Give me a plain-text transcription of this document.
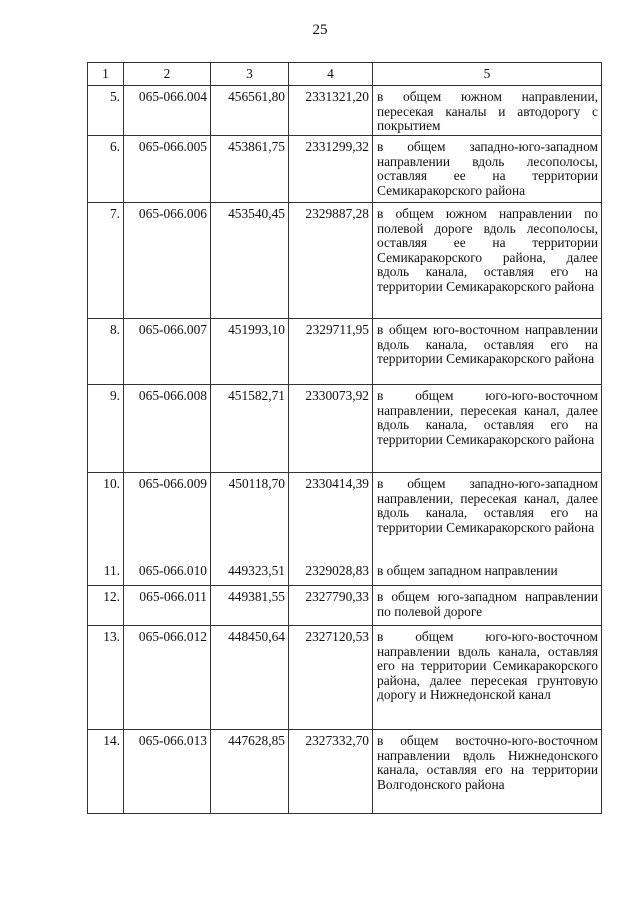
25
1	2	3	4	5
5.	065-066.004	456561,80	2331321,20	в общем южном направлении, пересекая каналы и автодорогу с покрытием
6.	065-066.005	453861,75	2331299,32	в общем западно-юго-западном направлении вдоль лесополосы, оставляя ее на территории Семикаракорского района
7.	065-066.006	453540,45	2329887,28	в общем южном направлении по полевой дороге вдоль лесополосы, оставляя ее на территории Семикаракорского района, далее вдоль канала, оставляя его на территории Семикаракорского района
8.	065-066.007	451993,10	2329711,95	в общем юго-восточном направлении вдоль канала, оставляя его на территории Семикаракорского района
9.	065-066.008	451582,71	2330073,92	в общем юго-юго-восточном направлении, пересекая канал, далее вдоль канала, оставляя его на территории Семикаракорского района
10.	065-066.009	450118,70	2330414,39	в общем западно-юго-западном направлении, пересекая канал, далее вдоль канала, оставляя его на территории Семикаракорского района
11.	065-066.010	449323,51	2329028,83	в общем западном направлении
12.	065-066.011	449381,55	2327790,33	в общем юго-западном направлении по полевой дороге
13.	065-066.012	448450,64	2327120,53	в общем юго-юго-восточном направлении вдоль канала, оставляя его на территории Семикаракорского района, далее пересекая грунтовую дорогу и Нижнедонской канал
14.	065-066.013	447628,85	2327332,70	в общем восточно-юго-восточном направлении вдоль Нижнедонского канала, оставляя его на территории Волгодонского района
